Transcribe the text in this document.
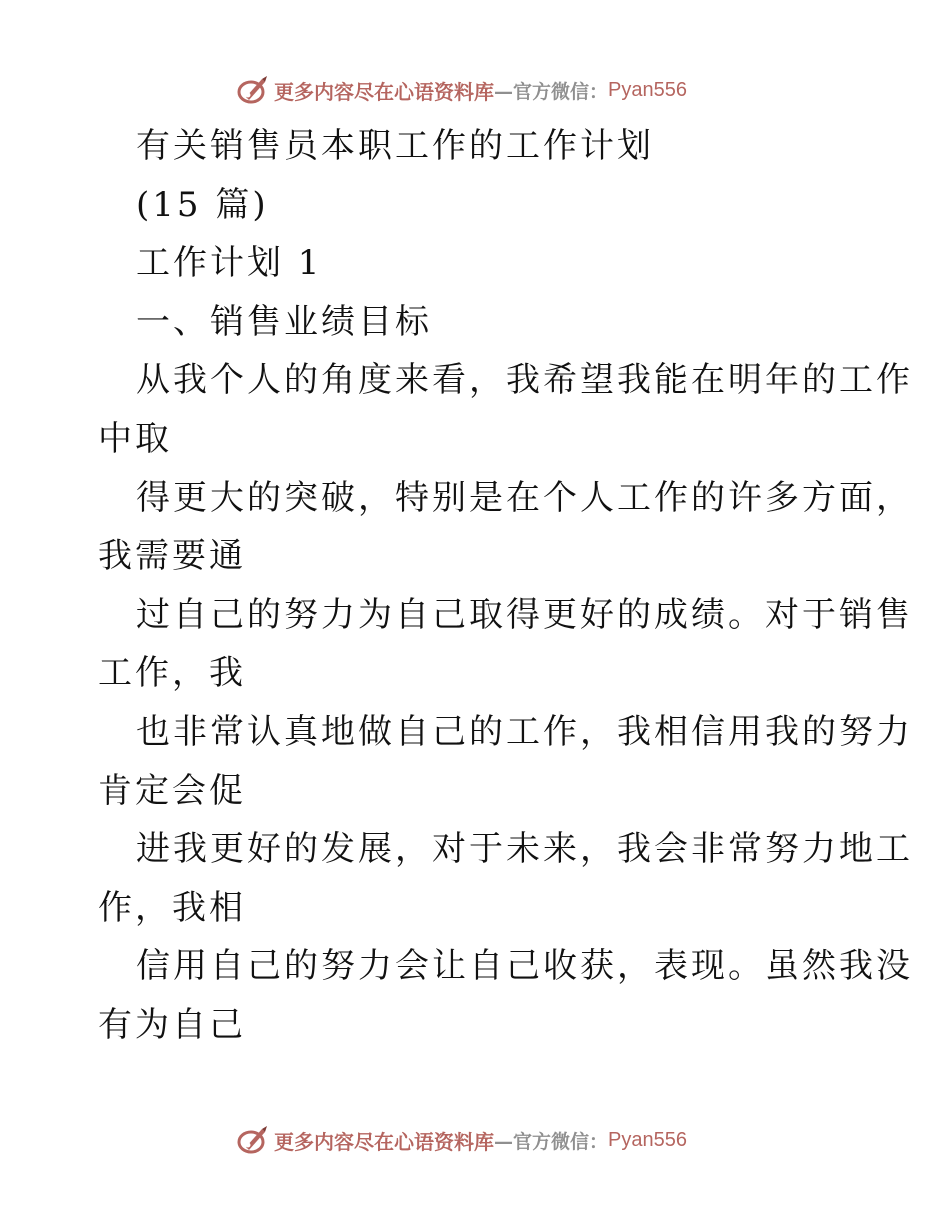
更多内容尽在心语资料库 —官方微信： Pyan556
有关销售员本职工作的工作计划
(15 篇)
工作计划 1
一、销售业绩目标
从我个人的角度来看，我希望我能在明年的工作
中取
得更大的突破，特别是在个人工作的许多方面，
我需要通
过自己的努力为自己取得更好的成绩。对于销售
工作，我
也非常认真地做自己的工作，我相信用我的努力
肯定会促
进我更好的发展，对于未来，我会非常努力地工
作，我相
信用自己的努力会让自己收获，表现。虽然我没
有为自己
更多内容尽在心语资料库 —官方微信： Pyan556
